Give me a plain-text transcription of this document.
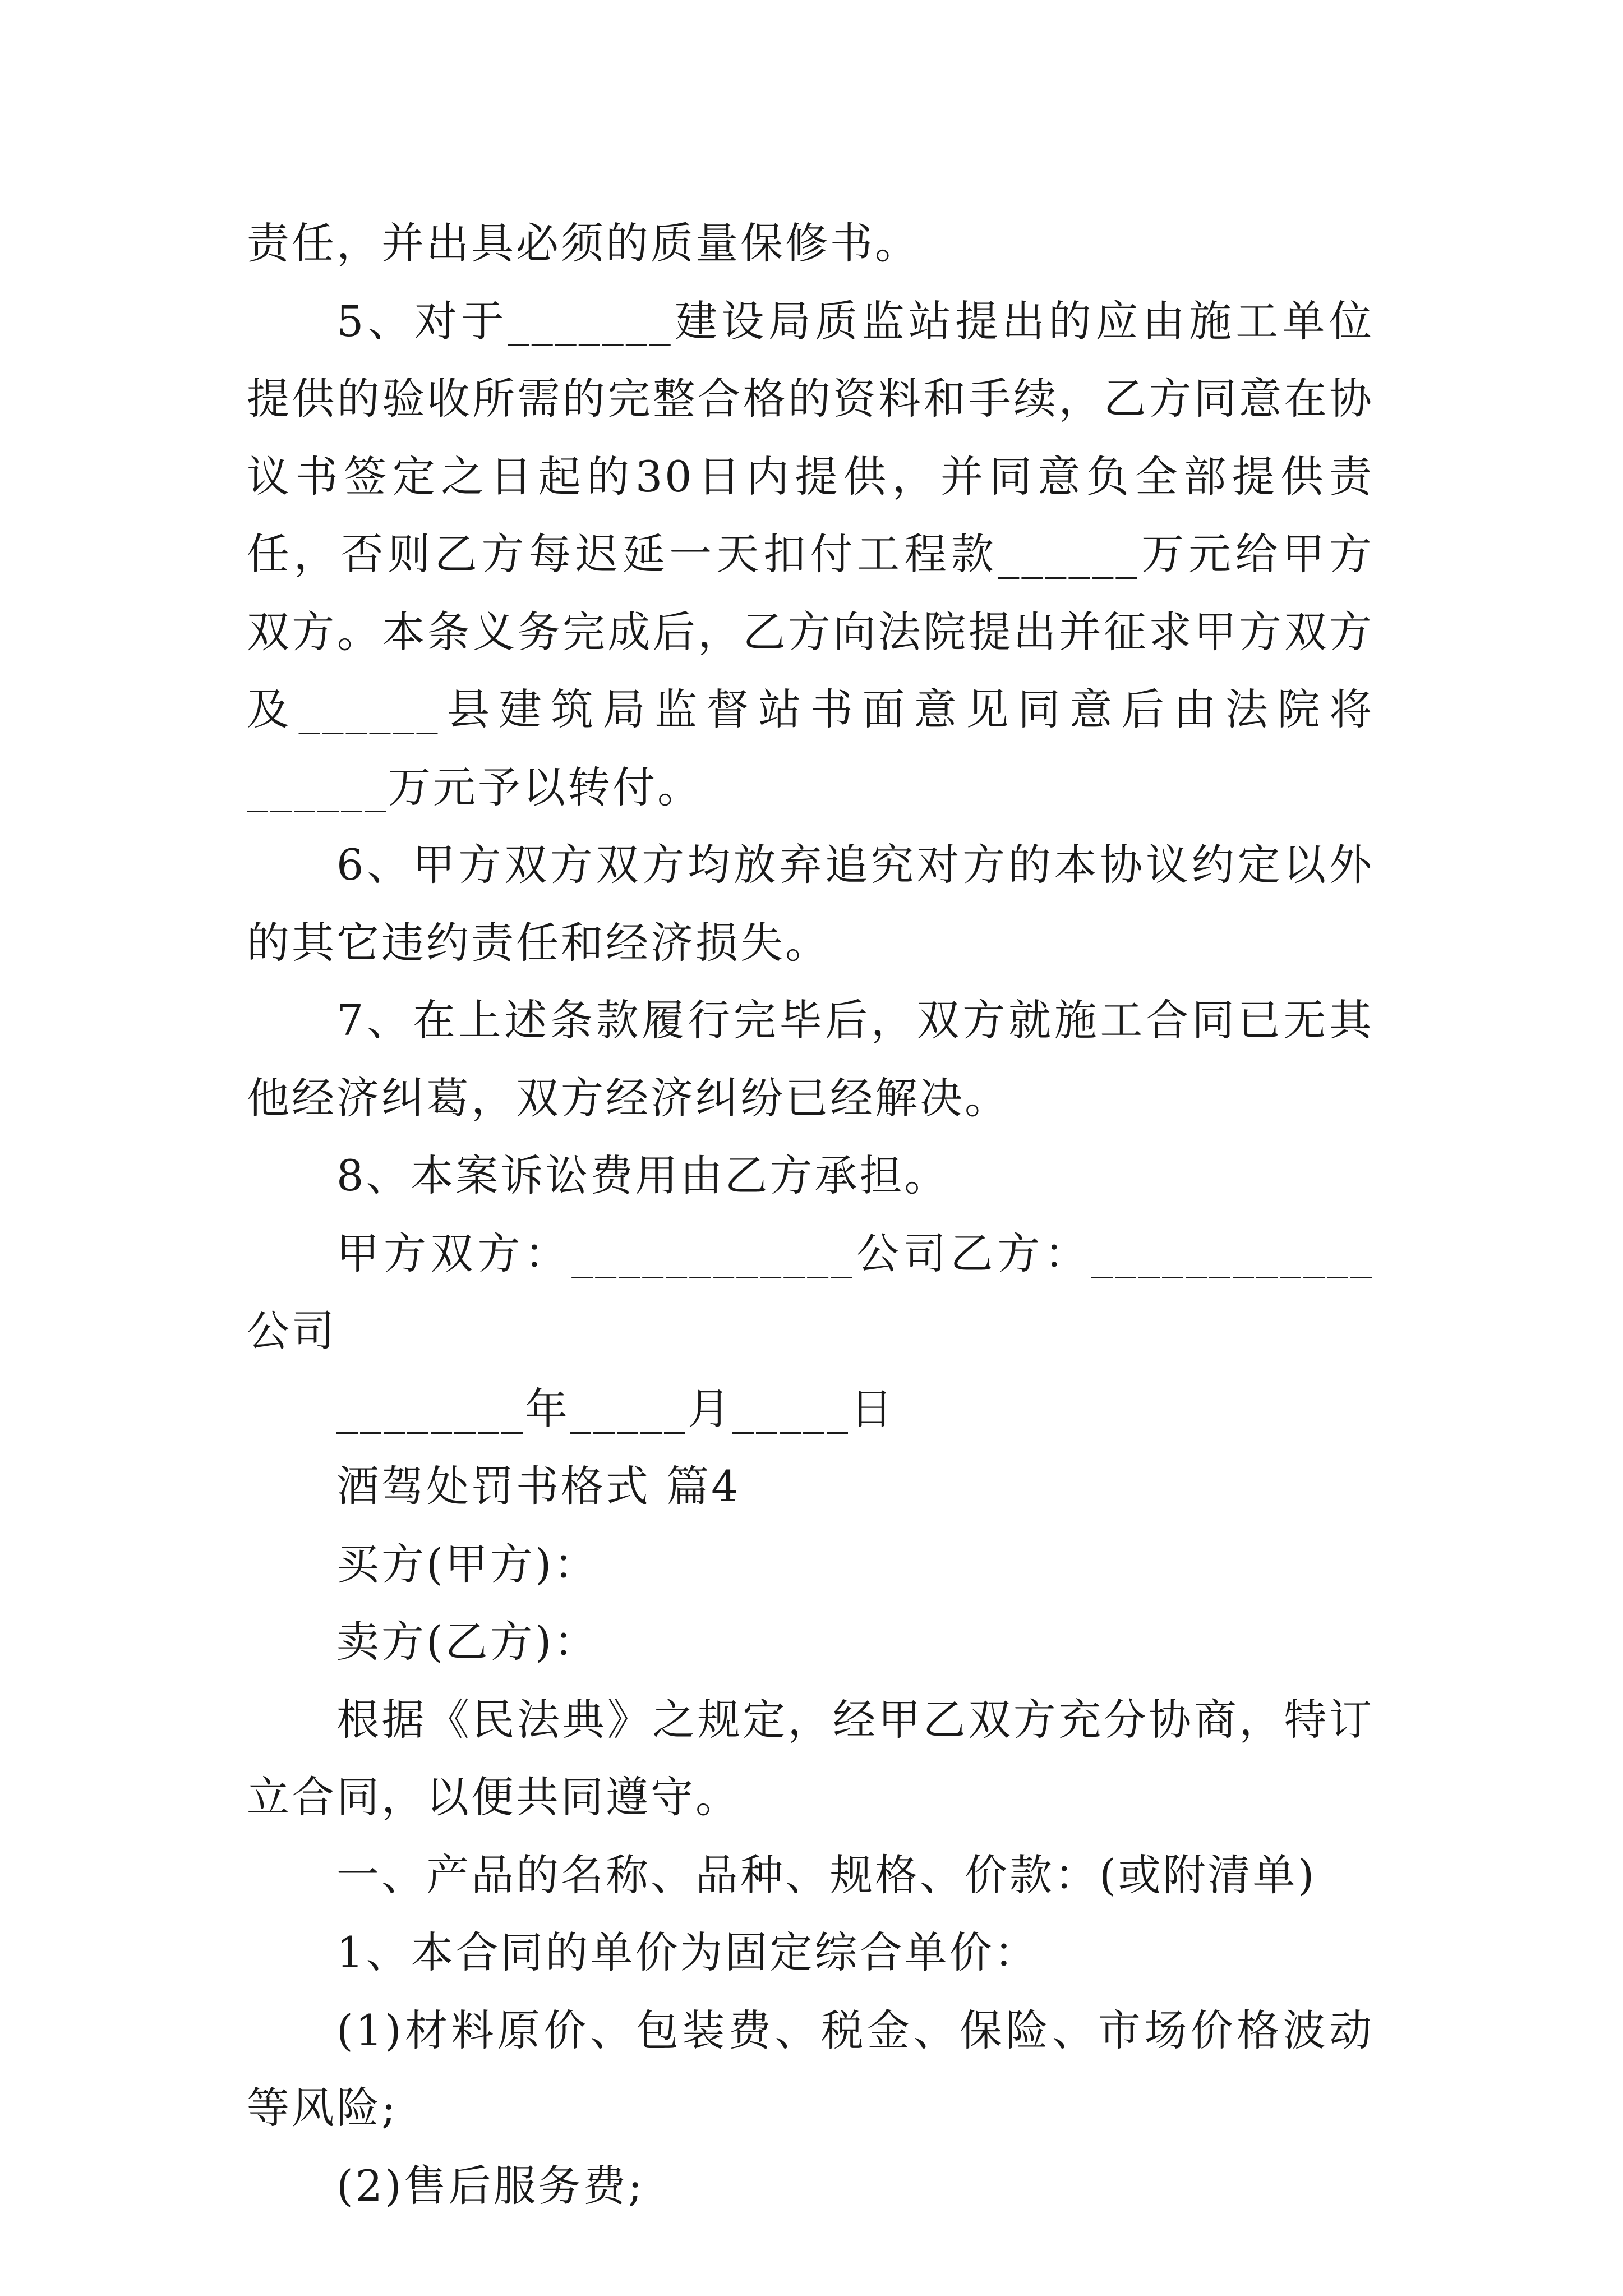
责任，并出具必须的质量保修书。

5、对于_______建设局质监站提出的应由施工单位提供的验收所需的完整合格的资料和手续，乙方同意在协议书签定之日起的30日内提供，并同意负全部提供责任，否则乙方每迟延一天扣付工程款______万元给甲方双方。本条义务完成后，乙方向法院提出并征求甲方双方及______县建筑局监督站书面意见同意后由法院将______万元予以转付。

6、甲方双方双方均放弃追究对方的本协议约定以外的其它违约责任和经济损失。

7、在上述条款履行完毕后，双方就施工合同已无其他经济纠葛，双方经济纠纷已经解决。

8、本案诉讼费用由乙方承担。

甲方双方：____________公司乙方：____________公司

________年_____月_____日

酒驾处罚书格式 篇4

买方(甲方)：

卖方(乙方)：

根据《民法典》之规定，经甲乙双方充分协商，特订立合同，以便共同遵守。

一、产品的名称、品种、规格、价款：(或附清单)

1、本合同的单价为固定综合单价：

(1)材料原价、包装费、税金、保险、市场价格波动等风险;

(2)售后服务费;
